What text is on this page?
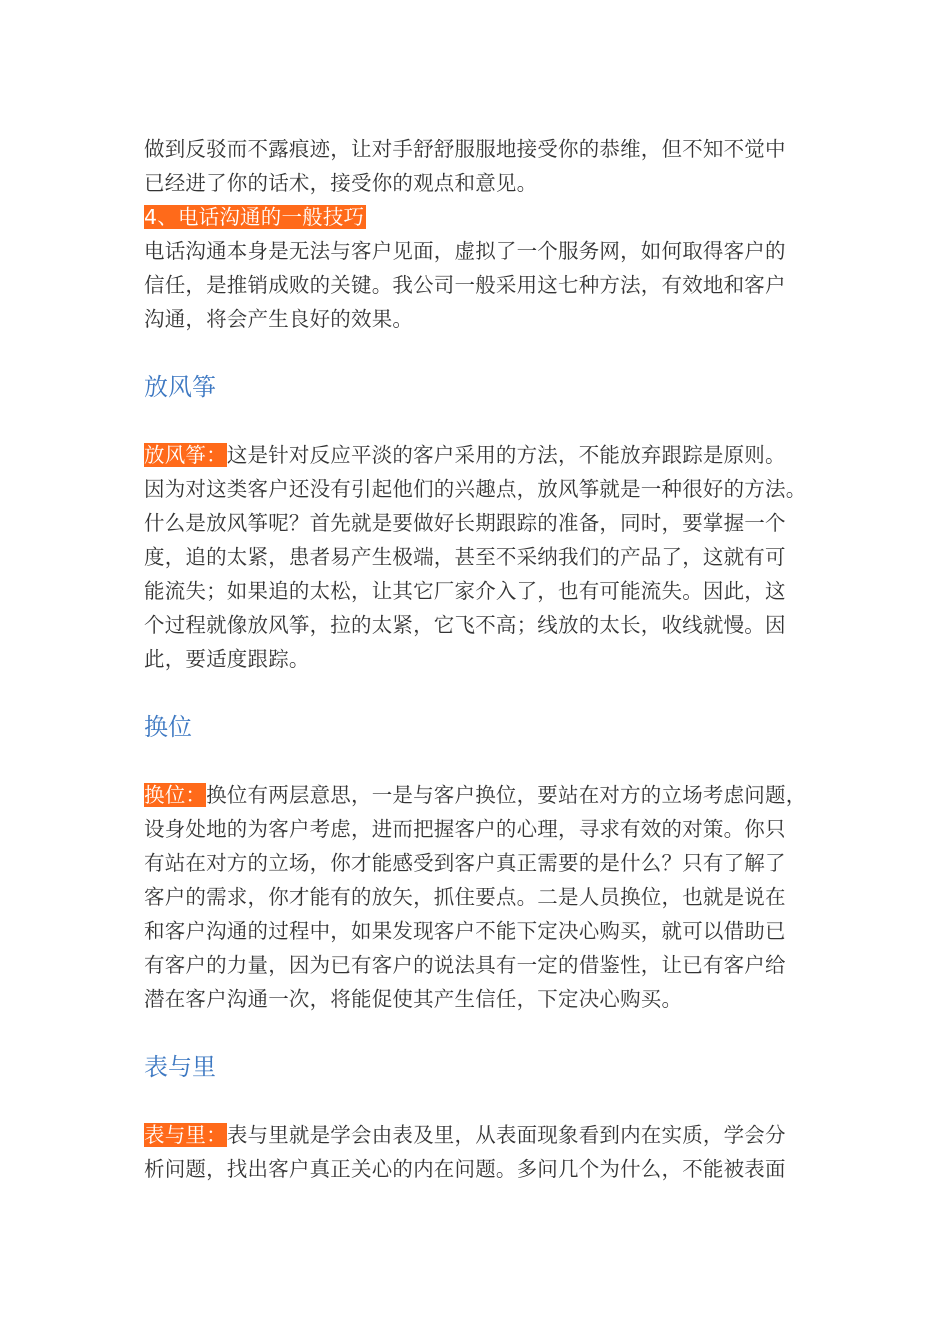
做到反驳而不露痕迹，让对手舒舒服服地接受你的恭维，但不知不觉中
已经进了你的话术，接受你的观点和意见。
4、电话沟通的一般技巧
电话沟通本身是无法与客户见面，虚拟了一个服务网，如何取得客户的
信任，是推销成败的关键。我公司一般采用这七种方法，有效地和客户
沟通，将会产生良好的效果。
放风筝
放风筝：这是针对反应平淡的客户采用的方法，不能放弃跟踪是原则。
因为对这类客户还没有引起他们的兴趣点，放风筝就是一种很好的方法。
什么是放风筝呢？首先就是要做好长期跟踪的准备，同时，要掌握一个
度，追的太紧，患者易产生极端，甚至不采纳我们的产品了，这就有可
能流失；如果追的太松，让其它厂家介入了，也有可能流失。因此，这
个过程就像放风筝，拉的太紧，它飞不高；线放的太长，收线就慢。因
此，要适度跟踪。
换位
换位：换位有两层意思，一是与客户换位，要站在对方的立场考虑问题，
设身处地的为客户考虑，进而把握客户的心理，寻求有效的对策。你只
有站在对方的立场，你才能感受到客户真正需要的是什么？只有了解了
客户的需求，你才能有的放矢，抓住要点。二是人员换位，也就是说在
和客户沟通的过程中，如果发现客户不能下定决心购买，就可以借助已
有客户的力量，因为已有客户的说法具有一定的借鉴性，让已有客户给
潜在客户沟通一次，将能促使其产生信任，下定决心购买。
表与里
表与里：表与里就是学会由表及里，从表面现象看到内在实质，学会分
析问题，找出客户真正关心的内在问题。多问几个为什么，不能被表面
